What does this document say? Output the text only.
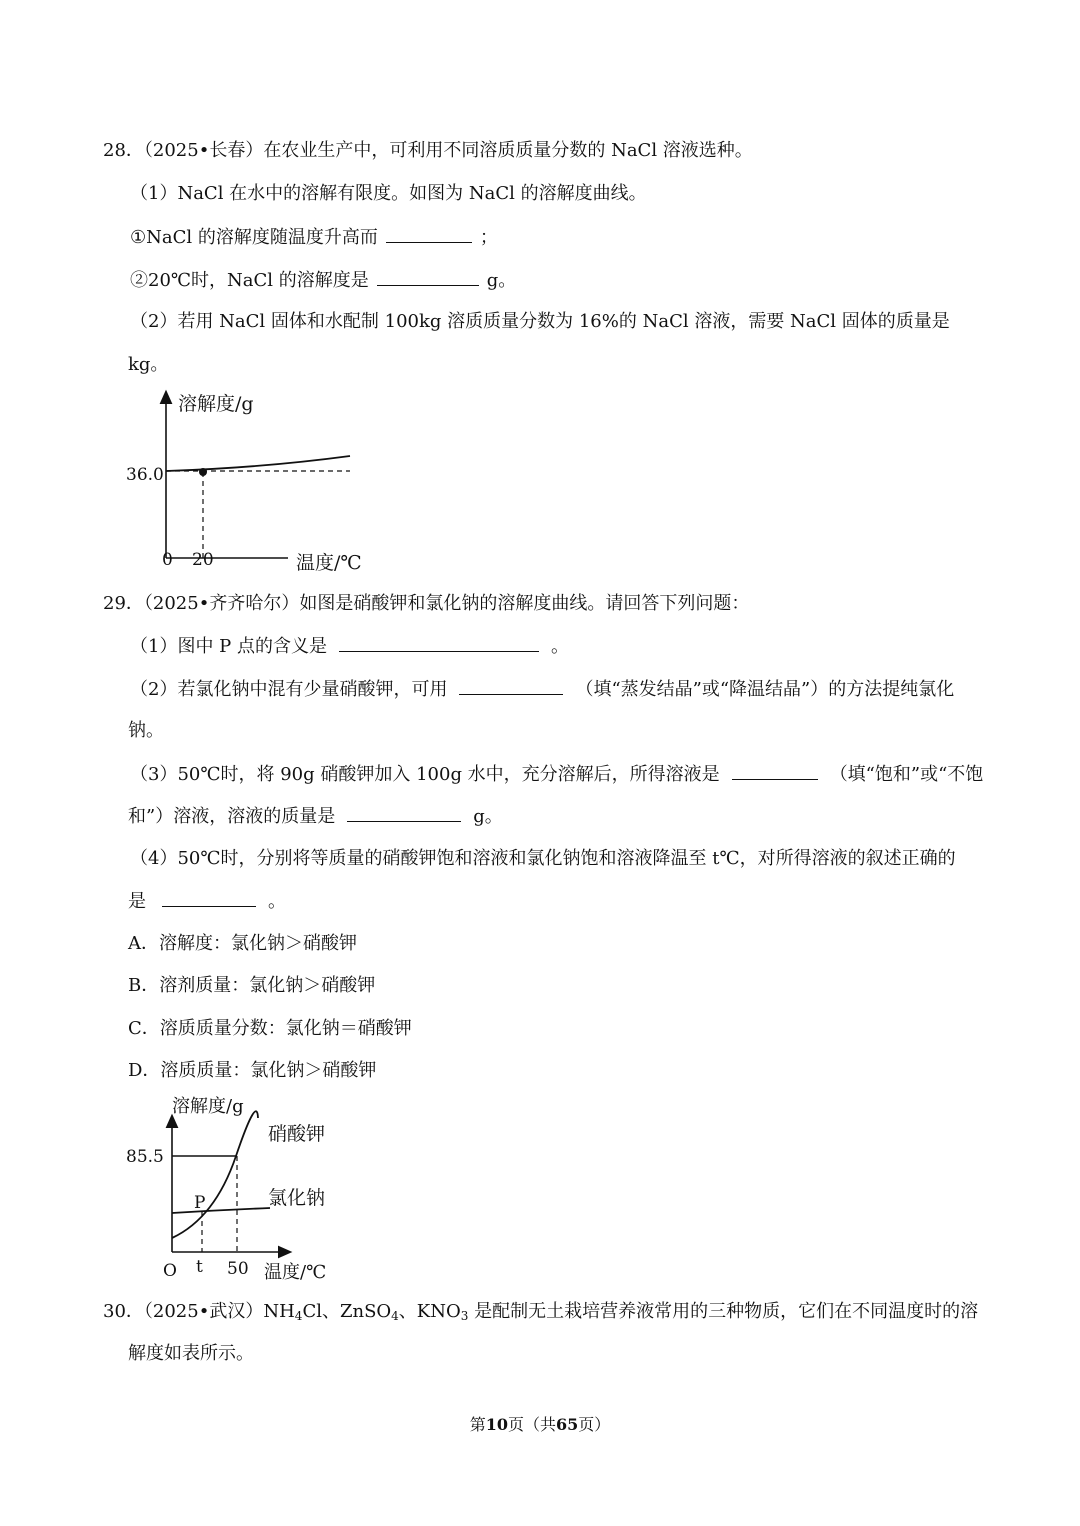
28．（2025•长春）在农业生产中，可利用不同溶质质量分数的 NaCl 溶液选种。
（1）NaCl 在水中的溶解有限度。如图为 NaCl 的溶解度曲线。
①NaCl 的溶解度随温度升高而	；
②20℃时，NaCl 的溶解度是	g。
（2）若用 NaCl 固体和水配制 100kg 溶质质量分数为 16%的 NaCl 溶液，需要 NaCl 固体的质量是
kg。
溶解度/g
36.0
0 20	温度/℃
29．（2025•齐齐哈尔）如图是硝酸钾和氯化钠的溶解度曲线。请回答下列问题：
（1）图中 P 点的含义是	。
（2）若氯化钠中混有少量硝酸钾，可用	（填“蒸发结晶”或“降温结晶”）的方法提纯氯化
钠。
（3）50℃时，将 90g 硝酸钾加入 100g 水中，充分溶解后，所得溶液是	（填“饱和”或“不饱
和”）溶液，溶液的质量是	g。
（4）50℃时，分别将等质量的硝酸钾饱和溶液和氯化钠饱和溶液降温至 t℃，对所得溶液的叙述正确的
是	。
A．溶解度：氯化钠＞硝酸钾
B．溶剂质量：氯化钠＞硝酸钾
C．溶质质量分数：氯化钠＝硝酸钾
D．溶质质量：氯化钠＞硝酸钾
溶解度/g
硝酸钾
氯化钠
85.5
P
O t 50 温度/℃
30．（2025•武汉）$NH_4Cl$、ZnSO$_4$、$KNO_3$ 是配制无土栽培营养液常用的三种物质，它们在不同温度时的溶
解度如表所示。
第10页（共65页）
